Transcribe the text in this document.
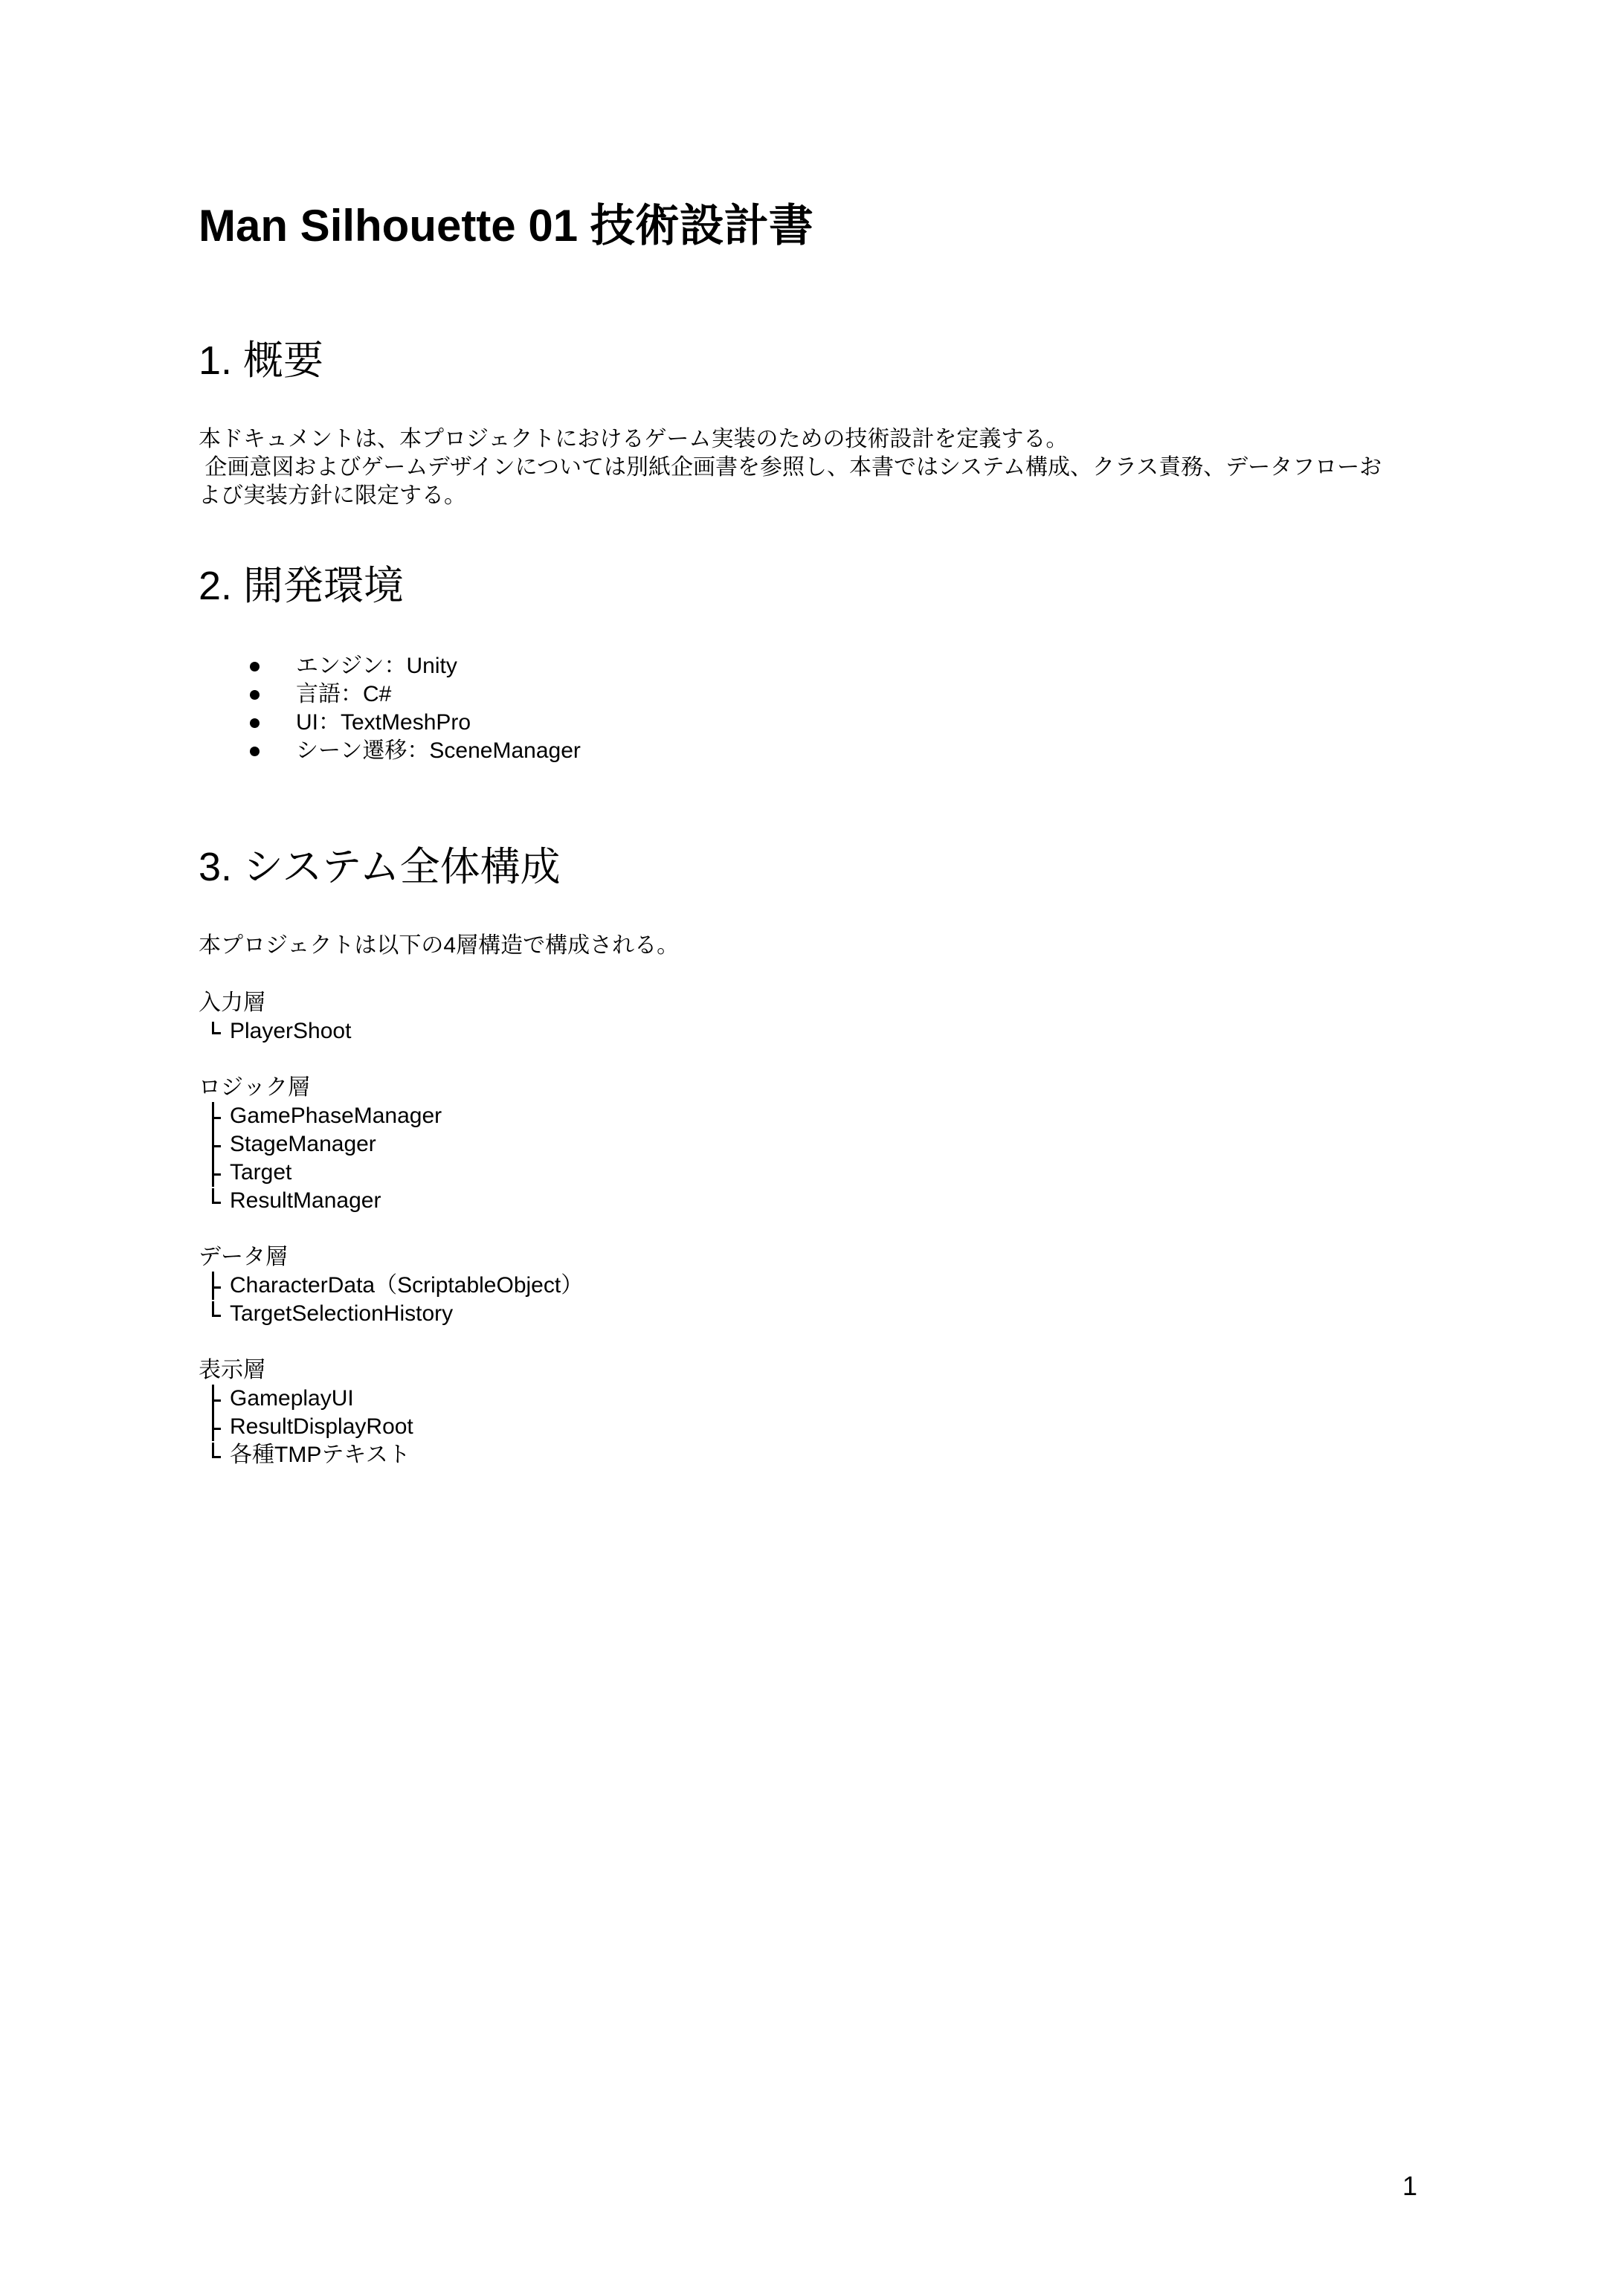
Man Silhouette 01 技術設計書
1. 概要
本ドキュメントは、本プロジェクトにおけるゲーム実装のための技術設計を定義する。
企画意図およびゲームデザインについては別紙企画書を参照し、本書ではシステム構成、クラス責務、データフローお
よび実装方針に限定する。
2. 開発環境
エンジン：Unity
言語：C#
UI：TextMeshPro
シーン遷移：SceneManager
3. システム全体構成
本プロジェクトは以下の4層構造で構成される。
入力層
PlayerShoot
ロジック層
GamePhaseManager
StageManager
Target
ResultManager
データ層
CharacterData（ScriptableObject）
TargetSelectionHistory
表示層
GameplayUI
ResultDisplayRoot
各種TMPテキスト
1
